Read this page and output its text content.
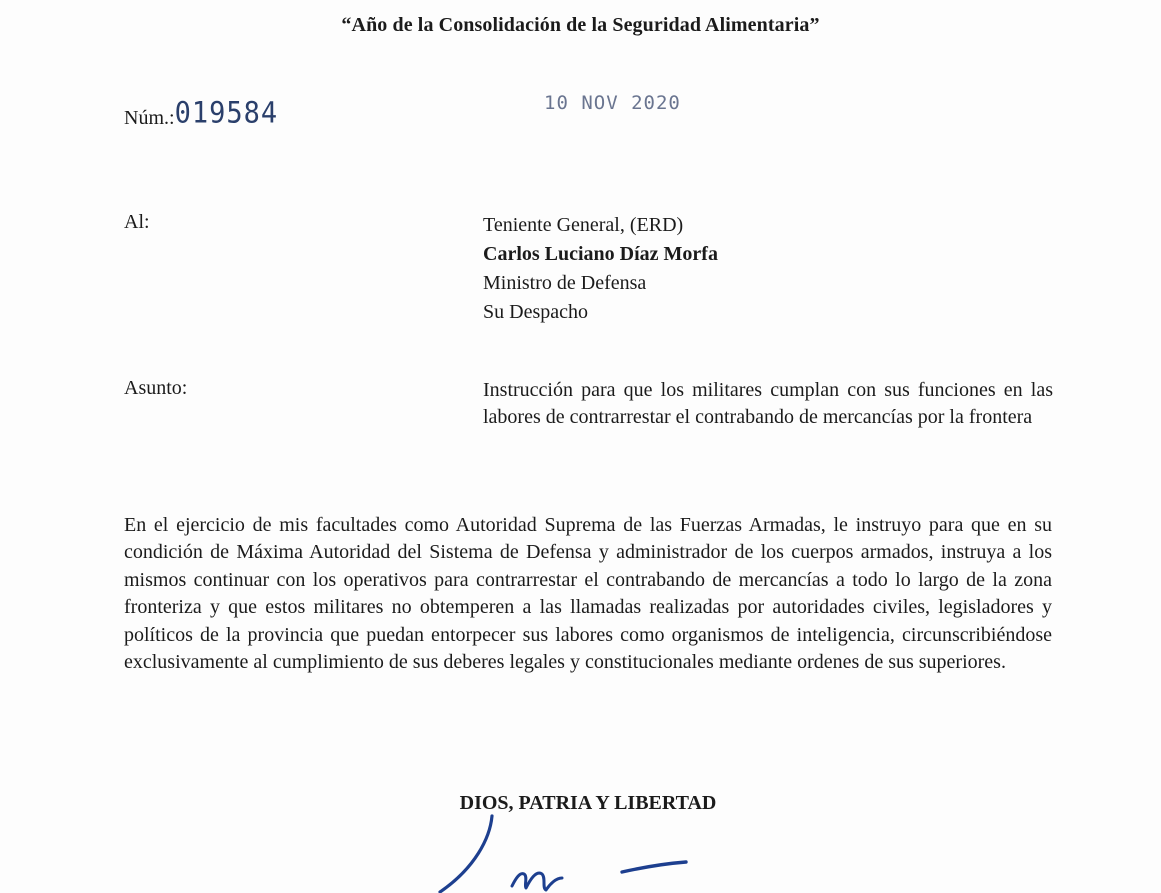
“Año de la Consolidación de la Seguridad Alimentaria”
Núm.: 019584	10 NOV 2020
Al:	Teniente General, (ERD)
Carlos Luciano Díaz Morfa
Ministro de Defensa
Su Despacho
Asunto:	Instrucción para que los militares cumplan con sus funciones en las labores de contrarrestar el contrabando de mercancías por la frontera
En el ejercicio de mis facultades como Autoridad Suprema de las Fuerzas Armadas, le instruyo para que en su condición de Máxima Autoridad del Sistema de Defensa y administrador de los cuerpos armados, instruya a los mismos continuar con los operativos para contrarrestar el contrabando de mercancías a todo lo largo de la zona fronteriza y que estos militares no obtemperen a las llamadas realizadas por autoridades civiles, legisladores y políticos de la provincia que puedan entorpecer sus labores como organismos de inteligencia, circunscribiéndose exclusivamente al cumplimiento de sus deberes legales y constitucionales mediante ordenes de sus superiores.
DIOS, PATRIA Y LIBERTAD
